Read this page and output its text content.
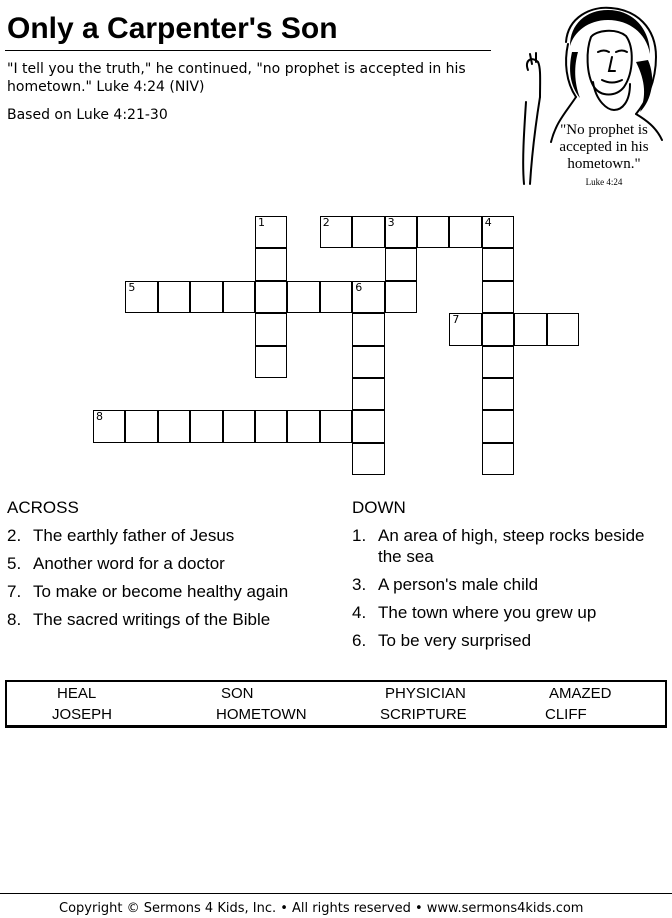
Only a Carpenter's Son
"I tell you the truth," he continued, "no prophet is accepted in his hometown." Luke 4:24 (NIV)
Based on Luke 4:21-30
"No prophet is accepted in his hometown."
Luke 4:24
1	2	3	4
5	6
7
8
ACROSS
2. The earthly father of Jesus
5. Another word for a doctor
7. To make or become healthy again
8. The sacred writings of the Bible
DOWN
1. An area of high, steep rocks beside the sea
3. A person's male child
4. The town where you grew up
6. To be very surprised
HEAL	SON	PHYSICIAN	AMAZED
JOSEPH	HOMETOWN	SCRIPTURE	CLIFF
Copyright © Sermons 4 Kids, Inc. • All rights reserved • www.sermons4kids.com
